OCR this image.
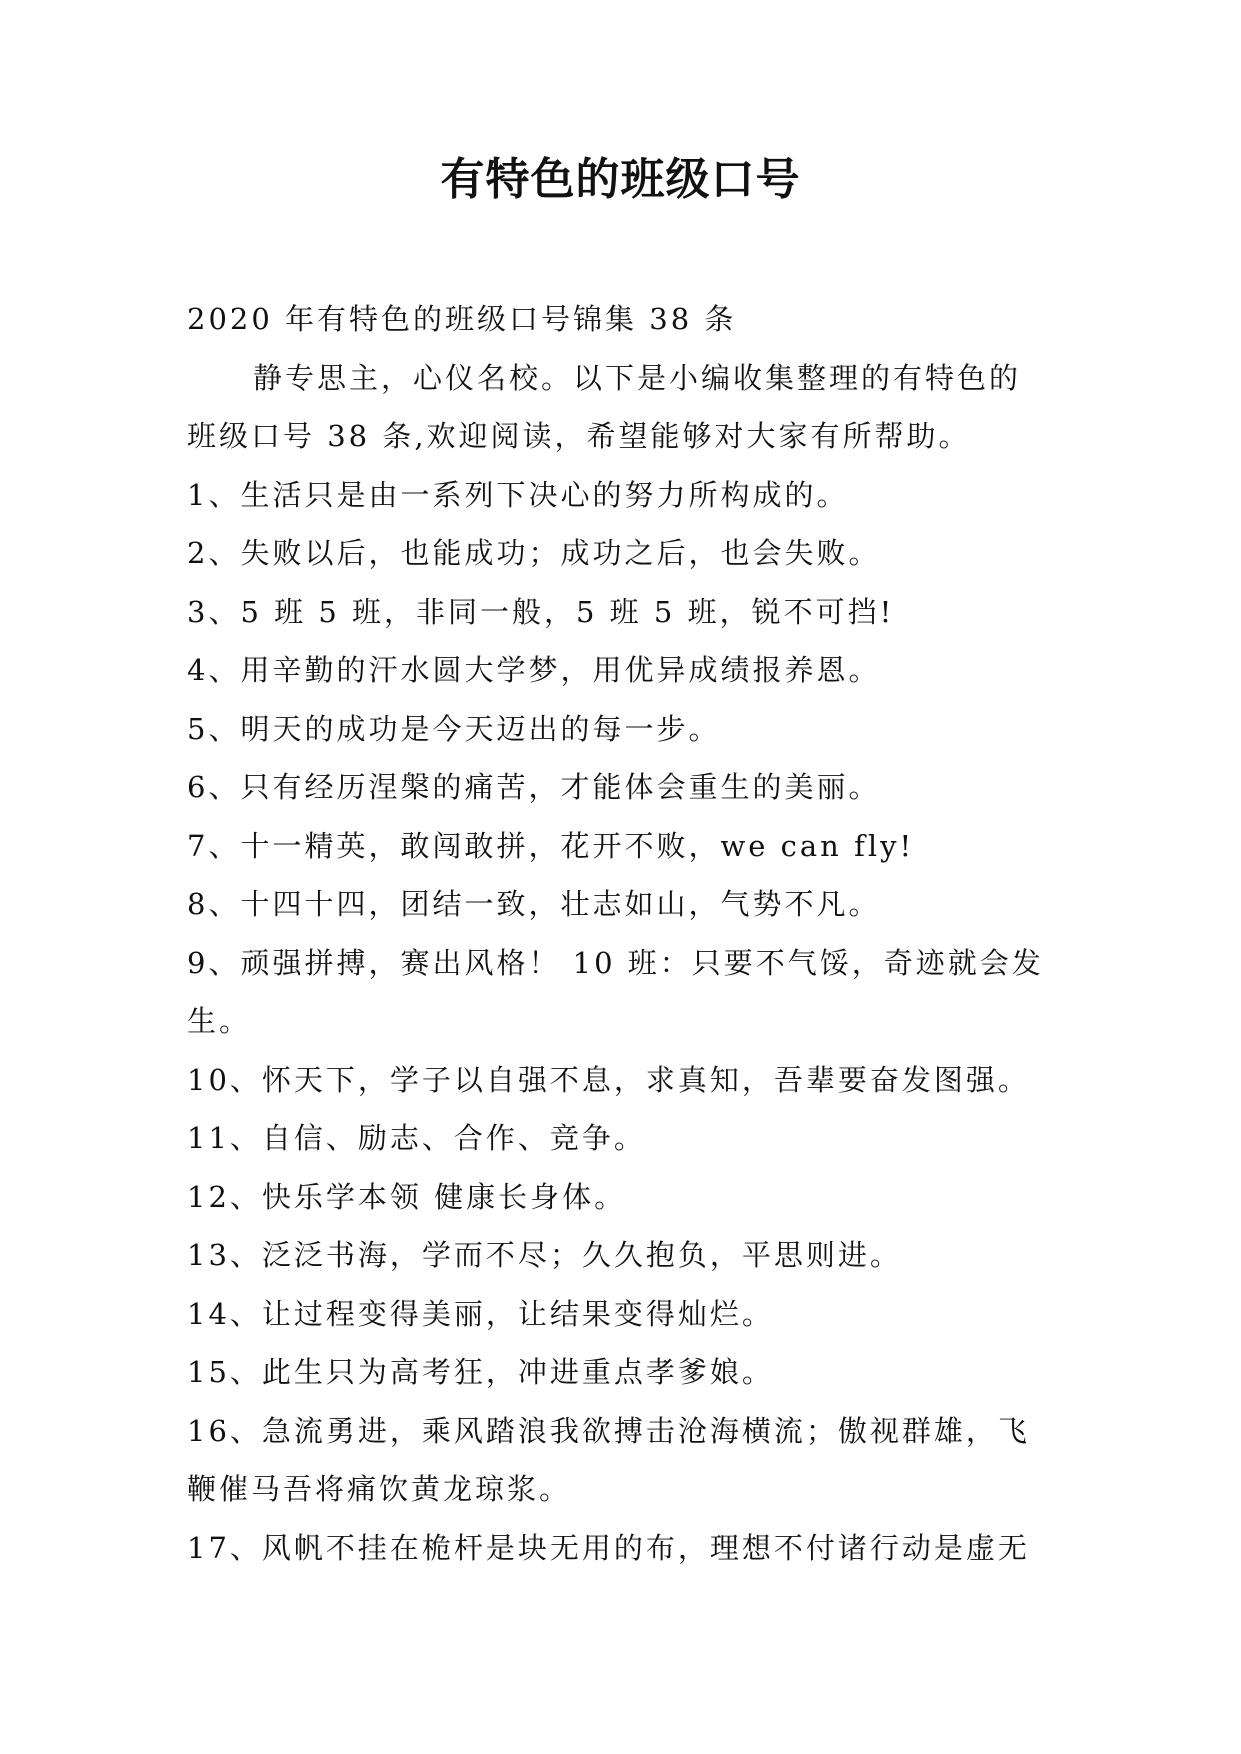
有特色的班级口号

2020 年有特色的班级口号锦集 38 条

静专思主，心仪名校。以下是小编收集整理的有特色的

班级口号 38 条,欢迎阅读，希望能够对大家有所帮助。

1、生活只是由一系列下决心的努力所构成的。

2、失败以后，也能成功；成功之后，也会失败。

3、5 班 5 班，非同一般，5 班 5 班，锐不可挡!

4、用辛勤的汗水圆大学梦，用优异成绩报养恩。

5、明天的成功是今天迈出的每一步。

6、只有经历涅槃的痛苦，才能体会重生的美丽。

7、十一精英，敢闯敢拼，花开不败，we can fly!

8、十四十四，团结一致，壮志如山，气势不凡。

9、顽强拼搏，赛出风格！ 10 班：只要不气馁，奇迹就会发

生。

10、怀天下，学子以自强不息，求真知，吾辈要奋发图强。

11、自信、励志、合作、竞争。

12、快乐学本领 健康长身体。

13、泛泛书海，学而不尽；久久抱负，平思则进。

14、让过程变得美丽，让结果变得灿烂。

15、此生只为高考狂，冲进重点孝爹娘。

16、急流勇进，乘风踏浪我欲搏击沧海横流；傲视群雄，飞

鞭催马吾将痛饮黄龙琼浆。

17、风帆不挂在桅杆是块无用的布，理想不付诸行动是虚无
